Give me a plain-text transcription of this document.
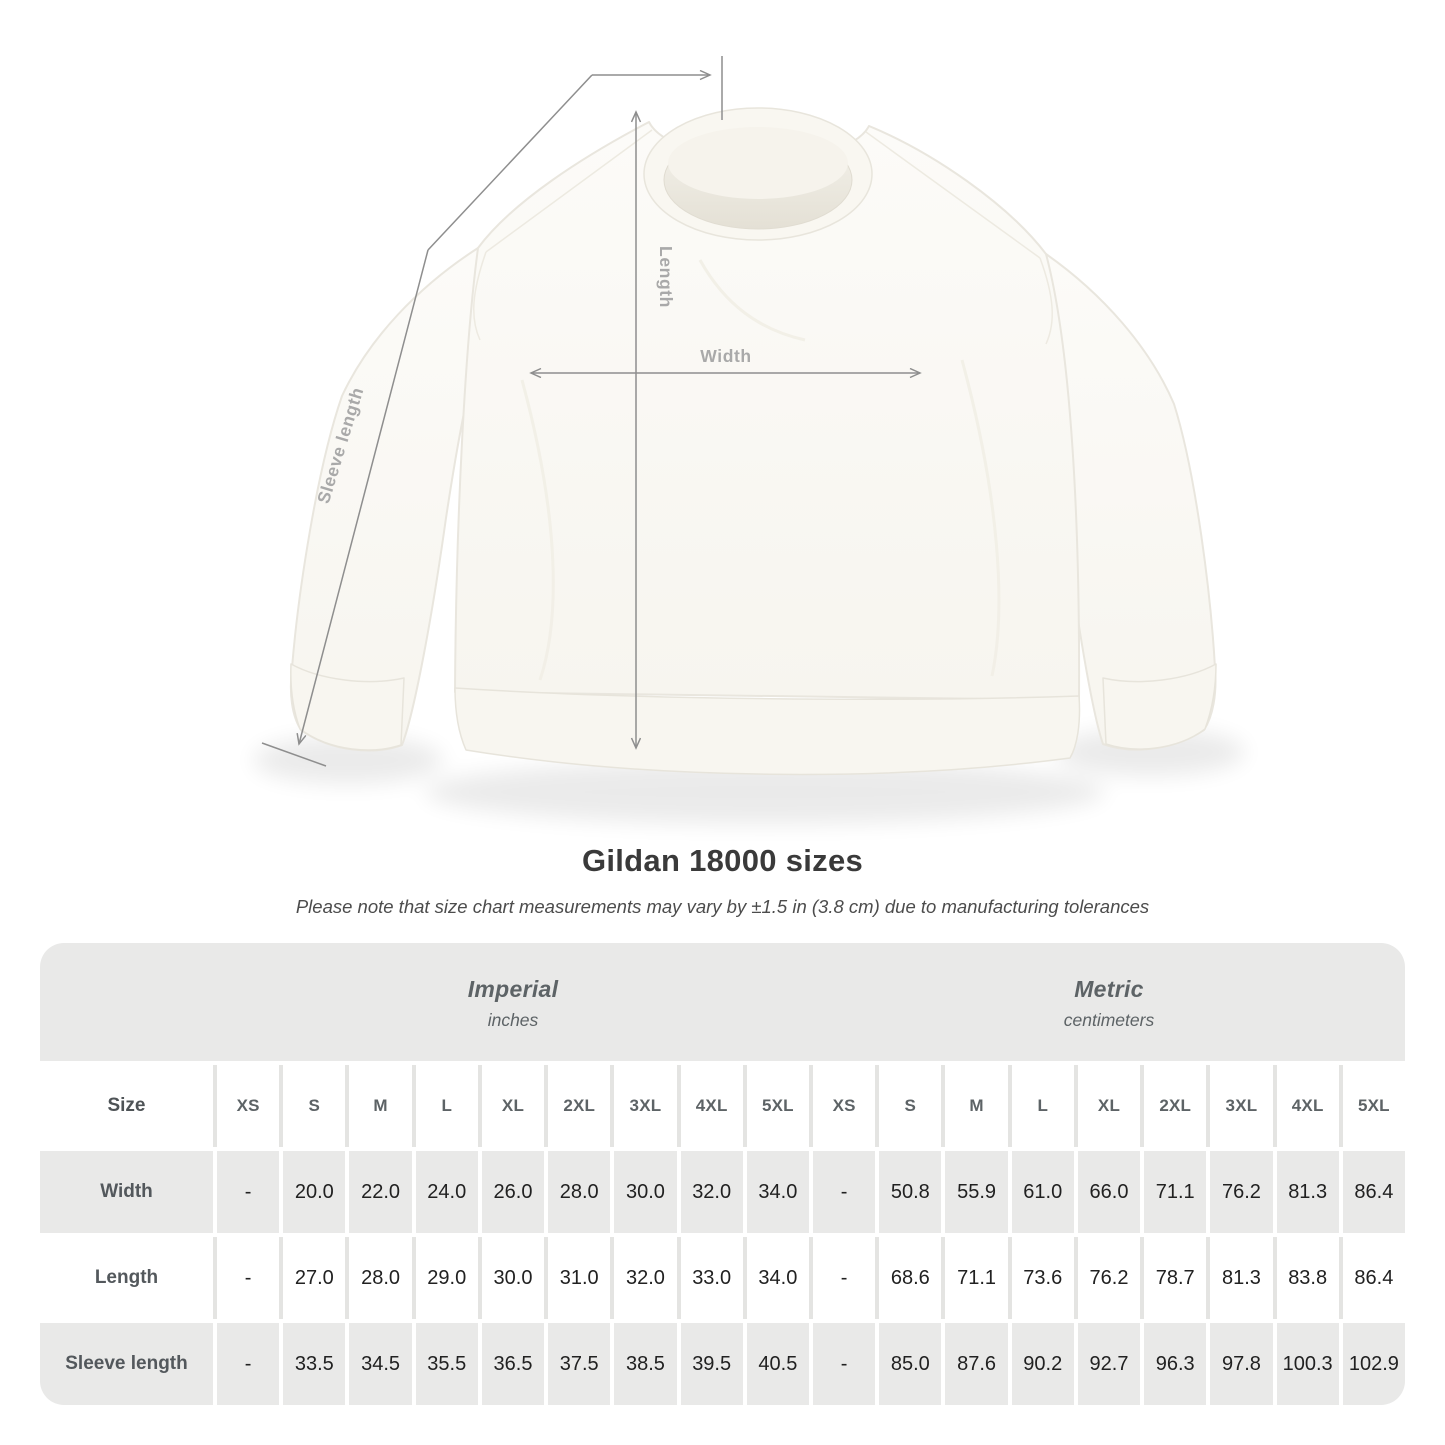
Width
Length
Sleeve length
Gildan 18000 sizes
Please note that size chart measurements may vary by ±1.5 in (3.8 cm) due to manufacturing tolerances
Imperial
inches
Metric
centimeters
Size	XS	S	M	L	XL	2XL	3XL	4XL	5XL	XS	S	M	L	XL	2XL	3XL	4XL	5XL
Width	-	20.0	22.0	24.0	26.0	28.0	30.0	32.0	34.0	-	50.8	55.9	61.0	66.0	71.1	76.2	81.3	86.4
Length	-	27.0	28.0	29.0	30.0	31.0	32.0	33.0	34.0	-	68.6	71.1	73.6	76.2	78.7	81.3	83.8	86.4
Sleeve length	-	33.5	34.5	35.5	36.5	37.5	38.5	39.5	40.5	-	85.0	87.6	90.2	92.7	96.3	97.8	100.3 102.9
